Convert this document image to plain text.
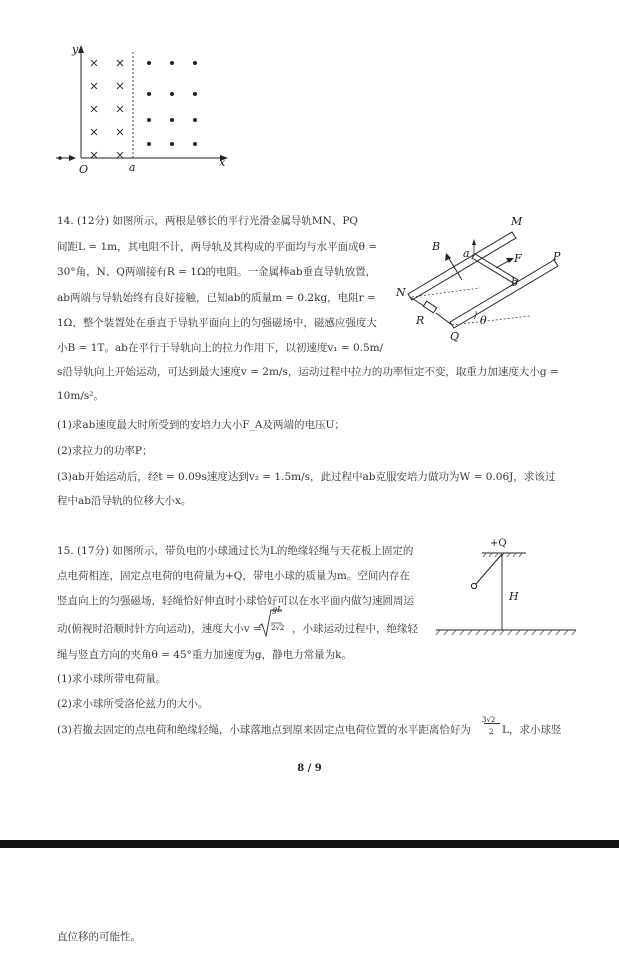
y
x
O	a
14. (12分) 如图所示，两根是够长的平行光滑金属导轨MN、PQ
间距L = 1m，其电阻不计，两导轨及其构成的平面均与水平面成θ =
30°角，N、Q两端接有R = 1Ω的电阻。一金属棒ab垂直导轨放置，
ab两端与导轨始终有良好接触，已知ab的质量m = 0.2kg，电阻r =
1Ω，整个装置处在垂直于导轨平面向上的匀强磁场中，磁感应强度大
小B = 1T。ab在平行于导轨向上的拉力作用下，以初速度v₁ = 0.5m/
s沿导轨向上开始运动，可达到最大速度v = 2m/s，运动过程中拉力的功率恒定不变，取重力加速度大小g =
10m/s²。
(1)求ab速度最大时所受到的安培力大小F_A及两端的电压U；
(2)求拉力的功率P；
(3)ab开始运动后，经t = 0.09s速度达到v₂ = 1.5m/s，此过程中ab克服安培力做功为W = 0.06J，求该过
程中ab沿导轨的位移大小x。
M
N
P
Q
B
a
b
F
R	θ
15. (17分) 如图所示，带负电的小球通过长为L的绝缘轻绳与天花板上固定的
点电荷相连，固定点电荷的电荷量为+Q，带电小球的质量为m。空间内存在
竖直向上的匀强磁场，轻绳恰好伸直时小球恰好可以在水平面内做匀速圆周运
动(俯视时沿顺时针方向运动)，速度大小v =
gL
2√2 ，小球运动过程中，绝缘轻
绳与竖直方向的夹角θ = 45°重力加速度为g，静电力常量为k。
(1)求小球所带电荷量。
(2)求小球所受洛伦兹力的大小。
(3)若撤去固定的点电荷和绝缘轻绳，小球落地点到原来固定点电荷位置的水平距离恰好为
3√2
2 L，求小球竖
+Q
H
8 / 9
直位移的可能性。
